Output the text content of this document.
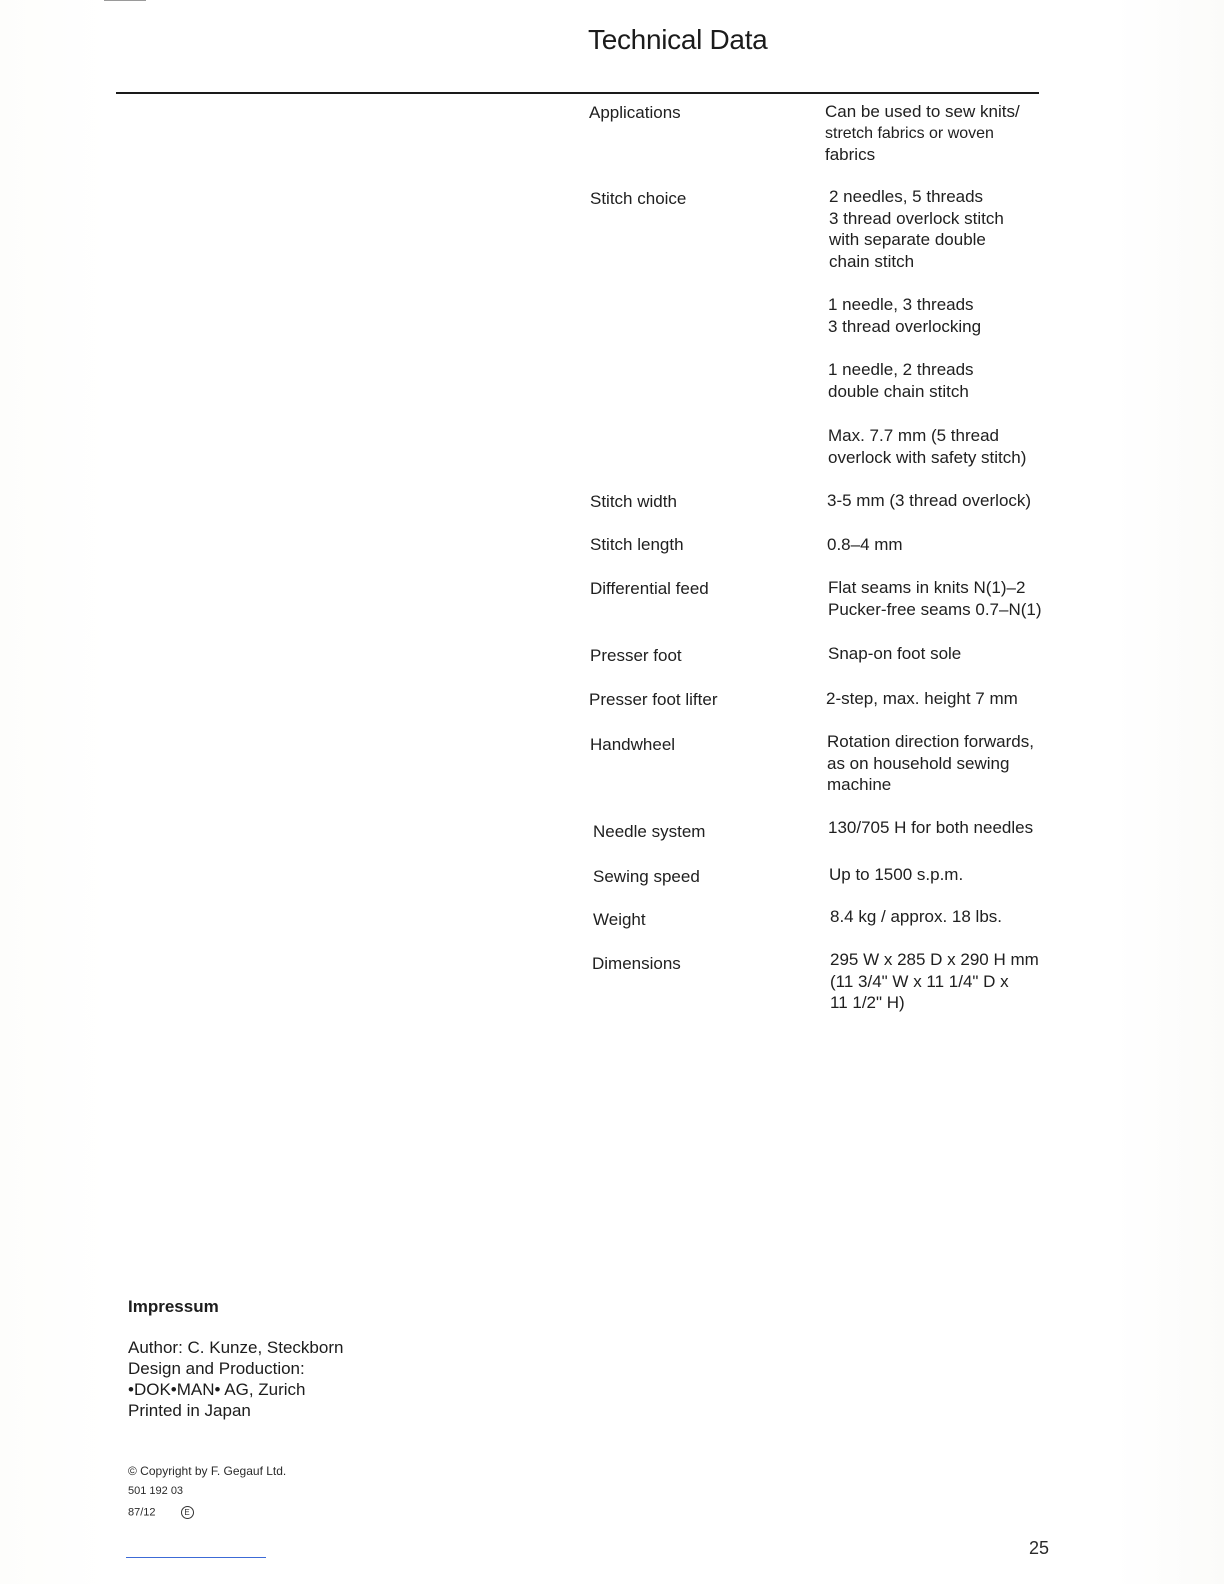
Technical Data
Applications	Can be used to sew knits/
stretch fabrics or woven
fabrics
Stitch choice	2 needles, 5 threads
3 thread overlock stitch
with separate double
chain stitch
1 needle, 3 threads
3 thread overlocking
1 needle, 2 threads
double chain stitch
Max. 7.7 mm (5 thread
overlock with safety stitch)
Stitch width	3-5 mm (3 thread overlock)
Stitch length	0.8–4 mm
Differential feed	Flat seams in knits N(1)–2
Pucker-free seams 0.7–N(1)
Presser foot	Snap-on foot sole
Presser foot lifter	2-step, max. height 7 mm
Handwheel	Rotation direction forwards,
as on household sewing
machine
Needle system	130/705 H for both needles
Sewing speed	Up to 1500 s.p.m.
Weight	8.4 kg / approx. 18 lbs.
Dimensions	295 W x 285 D x 290 H mm
(11 3/4" W x 11 1/4" D x
11 1/2" H)
Impressum
Author: C. Kunze, Steckborn
Design and Production:
•DOK•MAN• AG, Zurich
Printed in Japan
© Copyright by F. Gegauf Ltd.
501 192 03
87/12	E
25
